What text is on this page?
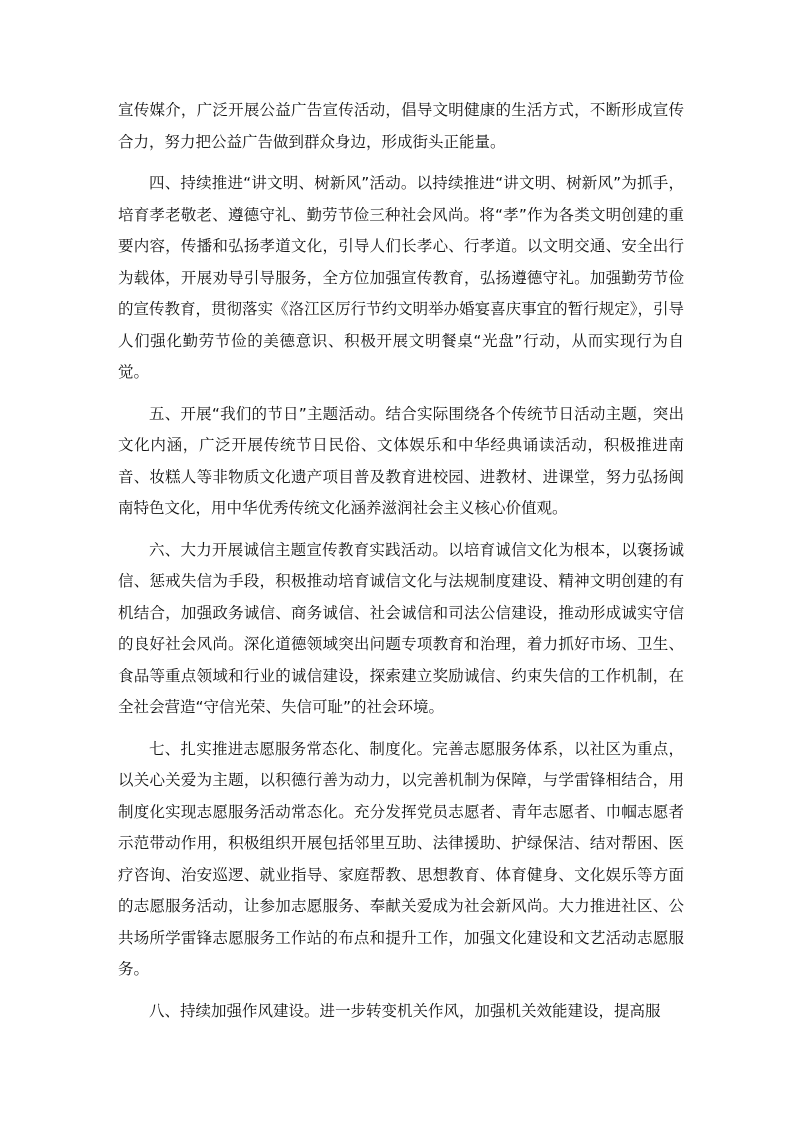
宣传媒介，广泛开展公益广告宣传活动，倡导文明健康的生活方式，不断形成宣传合力，努力把公益广告做到群众身边，形成街头正能量。

四、持续推进“讲文明、树新风”活动。以持续推进“讲文明、树新风”为抓手，培育孝老敬老、遵德守礼、勤劳节俭三种社会风尚。将“孝”作为各类文明创建的重要内容，传播和弘扬孝道文化，引导人们长孝心、行孝道。以文明交通、安全出行为载体，开展劝导引导服务，全方位加强宣传教育，弘扬遵德守礼。加强勤劳节俭的宣传教育，贯彻落实《洛江区厉行节约文明举办婚宴喜庆事宜的暂行规定》，引导人们强化勤劳节俭的美德意识、积极开展文明餐桌“光盘”行动，从而实现行为自觉。

五、开展“我们的节日”主题活动。结合实际围绕各个传统节日活动主题，突出文化内涵，广泛开展传统节日民俗、文体娱乐和中华经典诵读活动，积极推进南音、妆糕人等非物质文化遗产项目普及教育进校园、进教材、进课堂，努力弘扬闽南特色文化，用中华优秀传统文化涵养滋润社会主义核心价值观。

六、大力开展诚信主题宣传教育实践活动。以培育诚信文化为根本，以褒扬诚信、惩戒失信为手段，积极推动培育诚信文化与法规制度建设、精神文明创建的有机结合，加强政务诚信、商务诚信、社会诚信和司法公信建设，推动形成诚实守信的良好社会风尚。深化道德领域突出问题专项教育和治理，着力抓好市场、卫生、食品等重点领域和行业的诚信建设，探索建立奖励诚信、约束失信的工作机制，在全社会营造“守信光荣、失信可耻”的社会环境。

七、扎实推进志愿服务常态化、制度化。完善志愿服务体系，以社区为重点，以关心关爱为主题，以积德行善为动力，以完善机制为保障，与学雷锋相结合，用制度化实现志愿服务活动常态化。充分发挥党员志愿者、青年志愿者、巾帼志愿者示范带动作用，积极组织开展包括邻里互助、法律援助、护绿保洁、结对帮困、医疗咨询、治安巡逻、就业指导、家庭帮教、思想教育、体育健身、文化娱乐等方面的志愿服务活动，让参加志愿服务、奉献关爱成为社会新风尚。大力推进社区、公共场所学雷锋志愿服务工作站的布点和提升工作，加强文化建设和文艺活动志愿服务。

八、持续加强作风建设。进一步转变机关作风，加强机关效能建设，提高服
